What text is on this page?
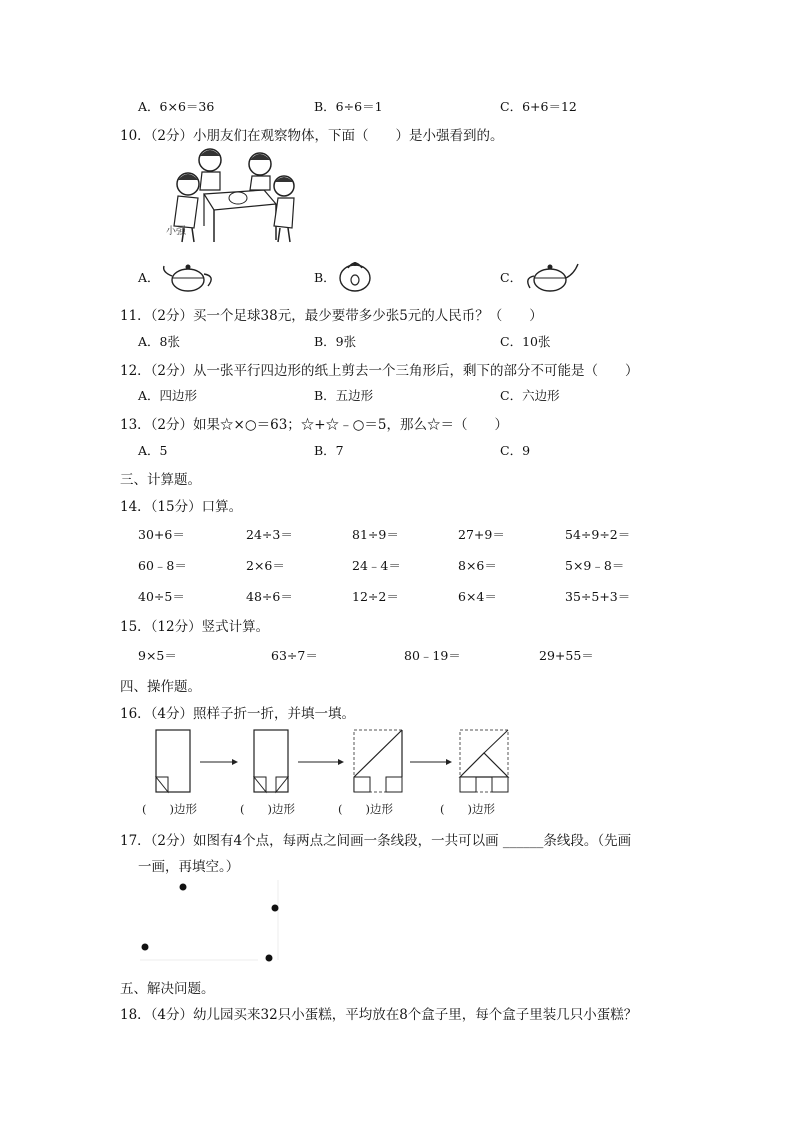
A．6×6＝36	B．6÷6＝1	C．6+6＝12
10．（2分）小朋友们在观察物体，下面（　　）是小强看到的。
小强
A．	B．	C．
11．（2分）买一个足球38元，最少要带多少张5元的人民币？（　　）
A．8张	B．9张	C．10张
12．（2分）从一张平行四边形的纸上剪去一个三角形后，剩下的部分不可能是（　　）
A．四边形	B．五边形	C．六边形
13．（2分）如果☆×○＝63；☆+☆﹣○＝5，那么☆＝（　　）
A．5	B．7	C．9
三、计算题。
14．（15分）口算。
30+6＝	24÷3＝	81÷9＝	27+9＝	54÷9÷2＝
60﹣8＝	2×6＝	24﹣4＝	8×6＝	5×9﹣8＝
40÷5＝	48÷6＝	12÷2＝	6×4＝	35÷5+3＝
15．（12分）竖式计算。
9×5＝	63÷7＝	80﹣19＝	29+55＝
四、操作题。
16．（4分）照样子折一折，并填一填。
(　　)边形	(　　)边形	(　　)边形	(　　)边形
17．（2分）如图有4个点，每两点之间画一条线段，一共可以画 ______条线段。（先画
一画，再填空。）
五、解决问题。
18．（4分）幼儿园买来32只小蛋糕，平均放在8个盒子里，每个盒子里装几只小蛋糕？
